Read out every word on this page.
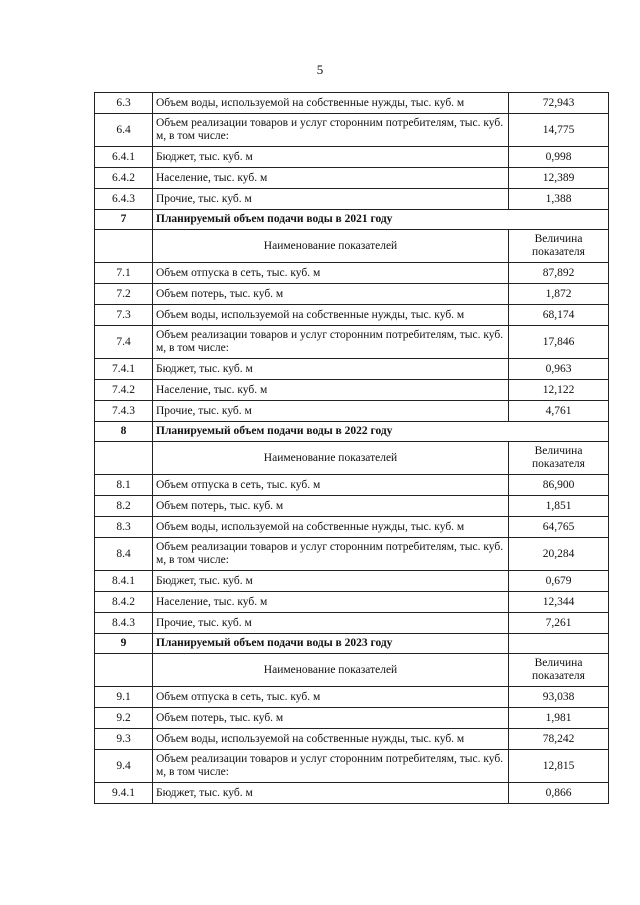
5
6.3	Объем воды, используемой на собственные нужды, тыс. куб. м	72,943
6.4	Объем реализации товаров и услуг сторонним потребителям, тыс. куб. м, в том числе:	14,775
6.4.1	Бюджет, тыс. куб. м	0,998
6.4.2	Население, тыс. куб. м	12,389
6.4.3	Прочие, тыс. куб. м	1,388
7	Планируемый объем подачи воды в 2021 году	
	Наименование показателей	Величина показателя
7.1	Объем отпуска в сеть, тыс. куб. м	87,892
7.2	Объем потерь, тыс. куб. м	1,872
7.3	Объем воды, используемой на собственные нужды, тыс. куб. м	68,174
7.4	Объем реализации товаров и услуг сторонним потребителям, тыс. куб. м, в том числе:	17,846
7.4.1	Бюджет, тыс. куб. м	0,963
7.4.2	Население, тыс. куб. м	12,122
7.4.3	Прочие, тыс. куб. м	4,761
8	Планируемый объем подачи воды в 2022 году	
	Наименование показателей	Величина показателя
8.1	Объем отпуска в сеть, тыс. куб. м	86,900
8.2	Объем потерь, тыс. куб. м	1,851
8.3	Объем воды, используемой на собственные нужды, тыс. куб. м	64,765
8.4	Объем реализации товаров и услуг сторонним потребителям, тыс. куб. м, в том числе:	20,284
8.4.1	Бюджет, тыс. куб. м	0,679
8.4.2	Население, тыс. куб. м	12,344
8.4.3	Прочие, тыс. куб. м	7,261
9	Планируемый объем подачи воды в 2023 году	
	Наименование показателей	Величина показателя
9.1	Объем отпуска в сеть, тыс. куб. м	93,038
9.2	Объем потерь, тыс. куб. м	1,981
9.3	Объем воды, используемой на собственные нужды, тыс. куб. м	78,242
9.4	Объем реализации товаров и услуг сторонним потребителям, тыс. куб. м, в том числе:	12,815
9.4.1	Бюджет, тыс. куб. м	0,866
